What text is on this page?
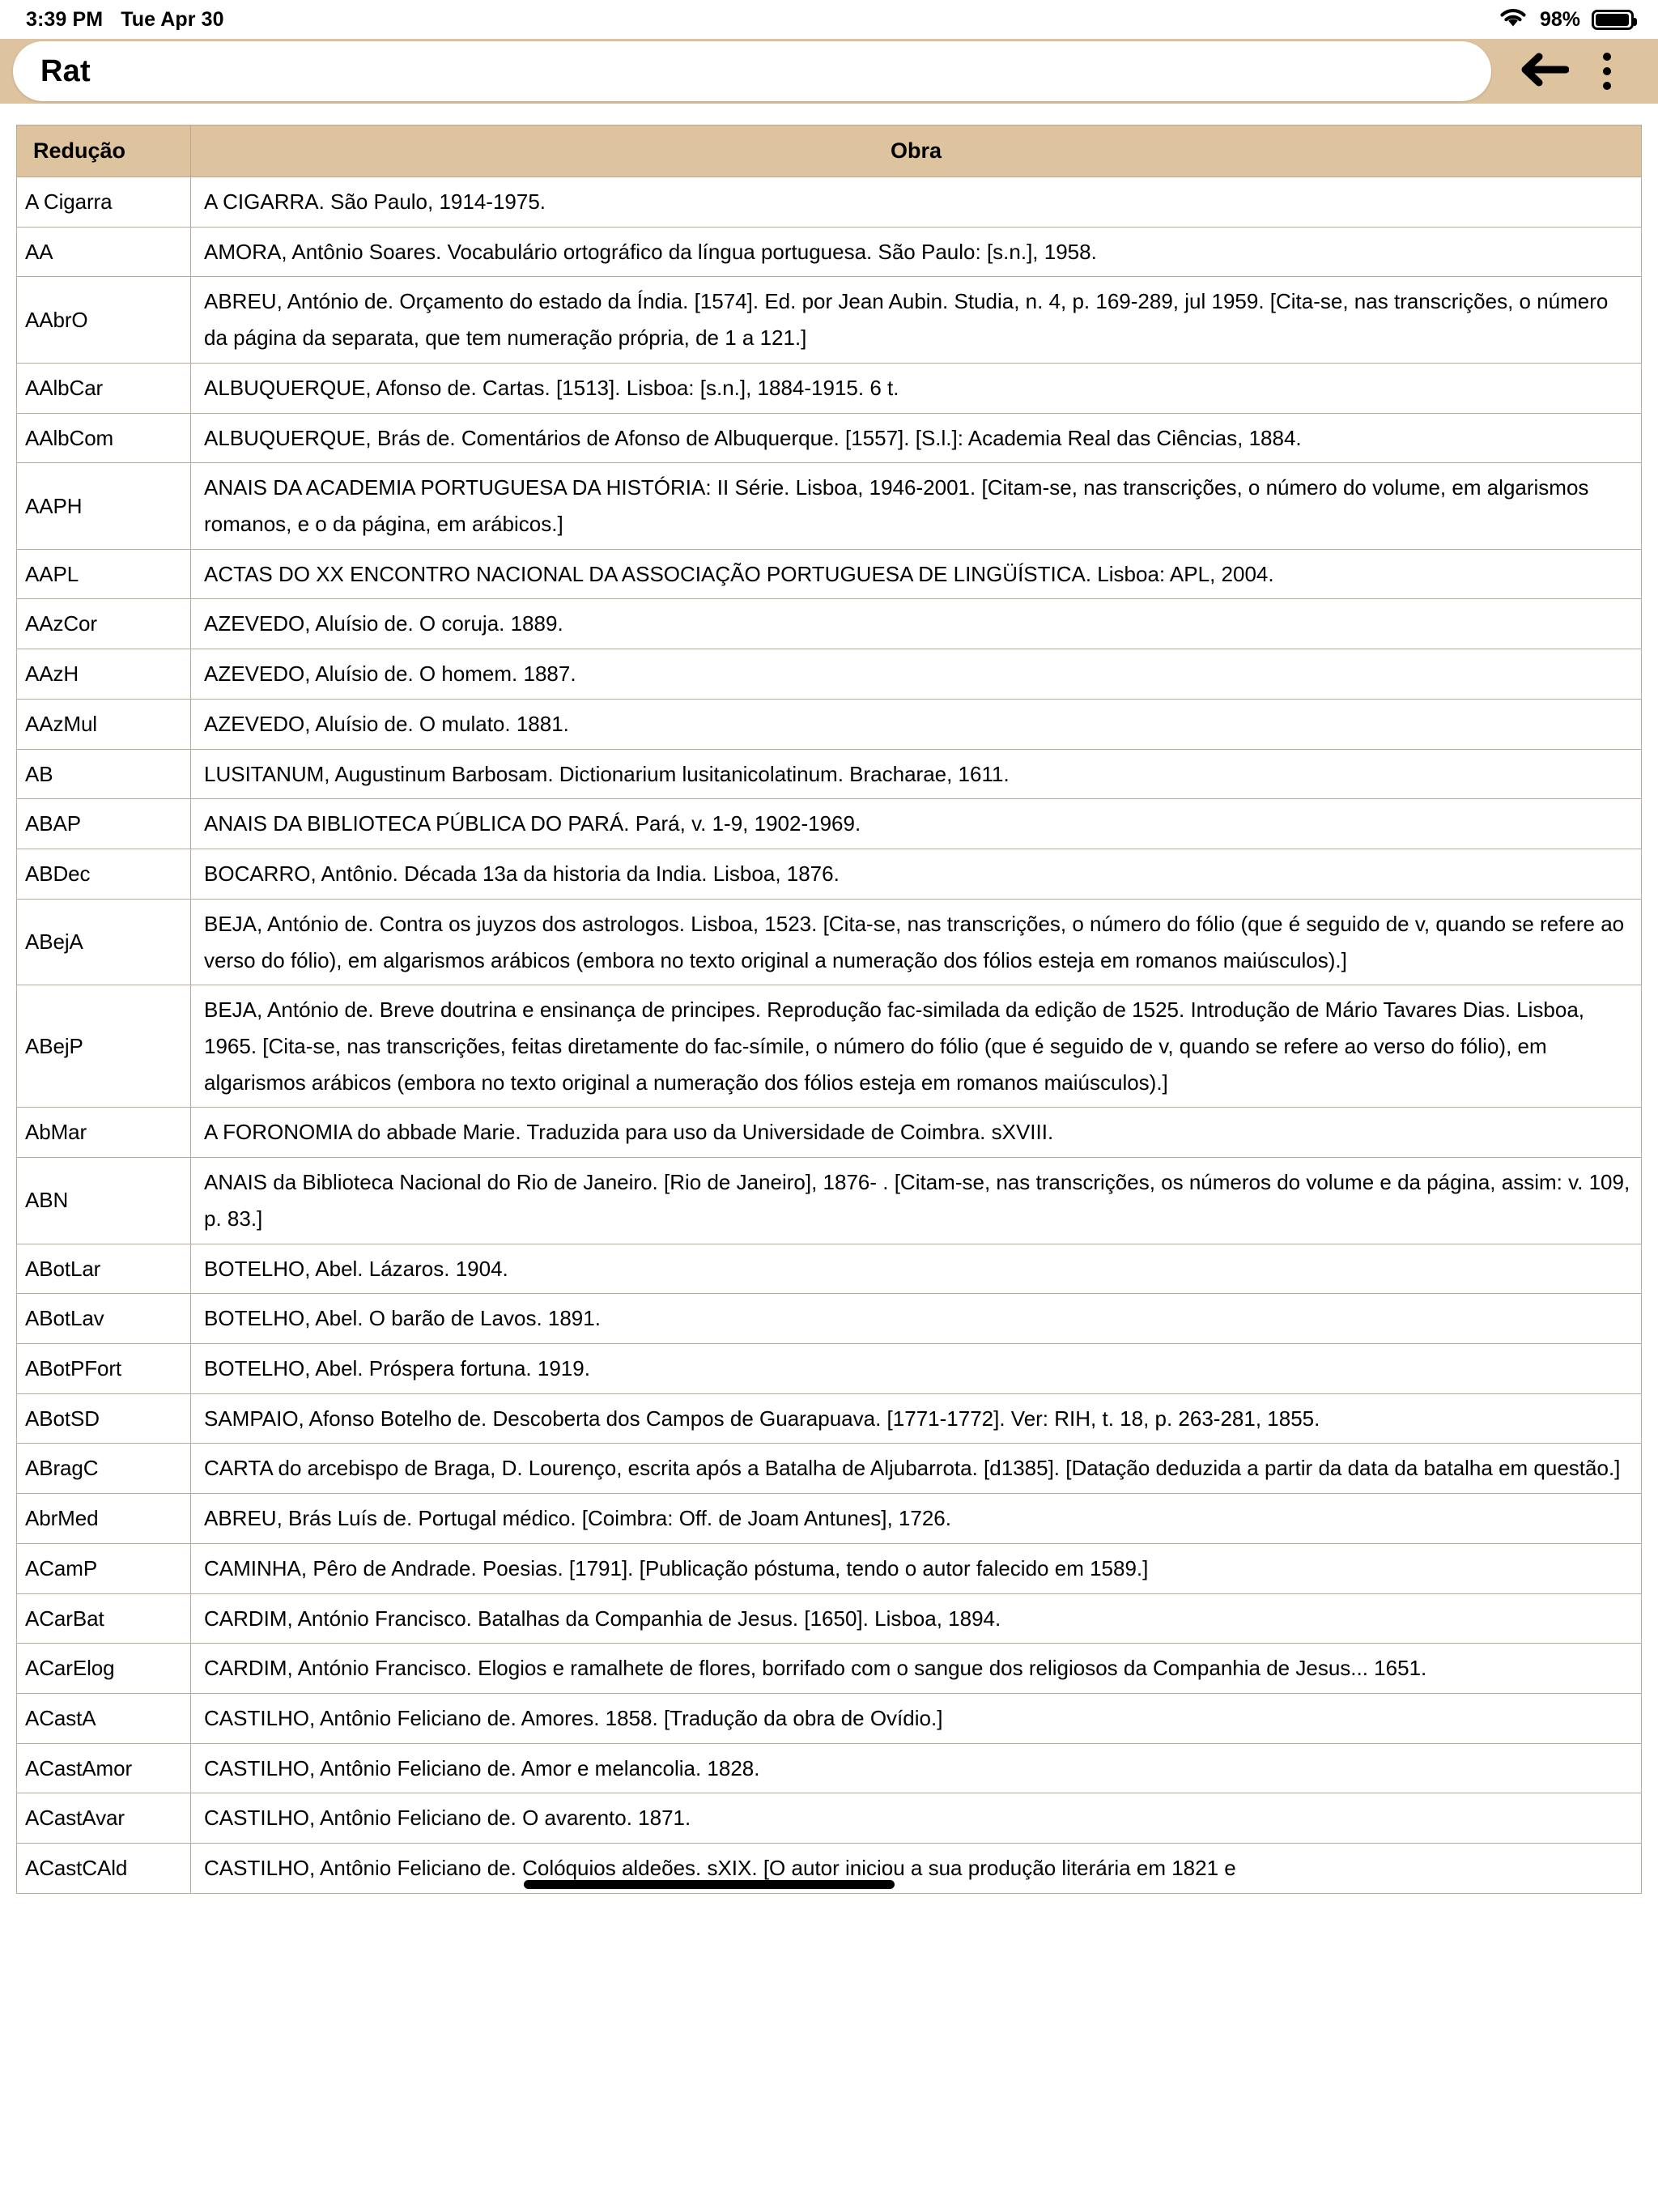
3:39 PM Tue Apr 30	98%
Rat
Redução	Obra
A Cigarra	A CIGARRA. São Paulo, 1914-1975.
AA	AMORA, Antônio Soares. Vocabulário ortográfico da língua portuguesa. São Paulo: [s.n.], 1958.
AAbrO	ABREU, António de. Orçamento do estado da Índia. [1574]. Ed. por Jean Aubin. Studia, n. 4, p. 169-289, jul 1959. [Cita-se, nas transcrições, o número da página da separata, que tem numeração própria, de 1 a 121.]
AAlbCar	ALBUQUERQUE, Afonso de. Cartas. [1513]. Lisboa: [s.n.], 1884-1915. 6 t.
AAlbCom	ALBUQUERQUE, Brás de. Comentários de Afonso de Albuquerque. [1557]. [S.l.]: Academia Real das Ciências, 1884.
AAPH	ANAIS DA ACADEMIA PORTUGUESA DA HISTÓRIA: II Série. Lisboa, 1946-2001. [Citam-se, nas transcrições, o número do volume, em algarismos romanos, e o da página, em arábicos.]
AAPL	ACTAS DO XX ENCONTRO NACIONAL DA ASSOCIAÇÃO PORTUGUESA DE LINGÜÍSTICA. Lisboa: APL, 2004.
AAzCor	AZEVEDO, Aluísio de. O coruja. 1889.
AAzH	AZEVEDO, Aluísio de. O homem. 1887.
AAzMul	AZEVEDO, Aluísio de. O mulato. 1881.
AB	LUSITANUM, Augustinum Barbosam. Dictionarium lusitanicolatinum. Bracharae, 1611.
ABAP	ANAIS DA BIBLIOTECA PÚBLICA DO PARÁ. Pará, v. 1-9, 1902-1969.
ABDec	BOCARRO, Antônio. Década 13a da historia da India. Lisboa, 1876.
ABejA	BEJA, António de. Contra os juyzos dos astrologos. Lisboa, 1523. [Cita-se, nas transcrições, o número do fólio (que é seguido de v, quando se refere ao verso do fólio), em algarismos arábicos (embora no texto original a numeração dos fólios esteja em romanos maiúsculos).]
ABejP	BEJA, António de. Breve doutrina e ensinança de principes. Reprodução fac-similada da edição de 1525. Introdução de Mário Tavares Dias. Lisboa, 1965. [Cita-se, nas transcrições, feitas diretamente do fac-símile, o número do fólio (que é seguido de v, quando se refere ao verso do fólio), em algarismos arábicos (embora no texto original a numeração dos fólios esteja em romanos maiúsculos).]
AbMar	A FORONOMIA do abbade Marie. Traduzida para uso da Universidade de Coimbra. sXVIII.
ABN	ANAIS da Biblioteca Nacional do Rio de Janeiro. [Rio de Janeiro], 1876- . [Citam-se, nas transcrições, os números do volume e da página, assim: v. 109, p. 83.]
ABotLar	BOTELHO, Abel. Lázaros. 1904.
ABotLav	BOTELHO, Abel. O barão de Lavos. 1891.
ABotPFort	BOTELHO, Abel. Próspera fortuna. 1919.
ABotSD	SAMPAIO, Afonso Botelho de. Descoberta dos Campos de Guarapuava. [1771-1772]. Ver: RIH, t. 18, p. 263-281, 1855.
ABragC	CARTA do arcebispo de Braga, D. Lourenço, escrita após a Batalha de Aljubarrota. [d1385]. [Datação deduzida a partir da data da batalha em questão.]
AbrMed	ABREU, Brás Luís de. Portugal médico. [Coimbra: Off. de Joam Antunes], 1726.
ACamP	CAMINHA, Pêro de Andrade. Poesias. [1791]. [Publicação póstuma, tendo o autor falecido em 1589.]
ACarBat	CARDIM, António Francisco. Batalhas da Companhia de Jesus. [1650]. Lisboa, 1894.
ACarElog	CARDIM, António Francisco. Elogios e ramalhete de flores, borrifado com o sangue dos religiosos da Companhia de Jesus... 1651.
ACastA	CASTILHO, Antônio Feliciano de. Amores. 1858. [Tradução da obra de Ovídio.]
ACastAmor	CASTILHO, Antônio Feliciano de. Amor e melancolia. 1828.
ACastAvar	CASTILHO, Antônio Feliciano de. O avarento. 1871.
ACastCAld	CASTILHO, Antônio Feliciano de. Colóquios aldeões. sXIX. [O autor iniciou a sua produção literária em 1821 e
